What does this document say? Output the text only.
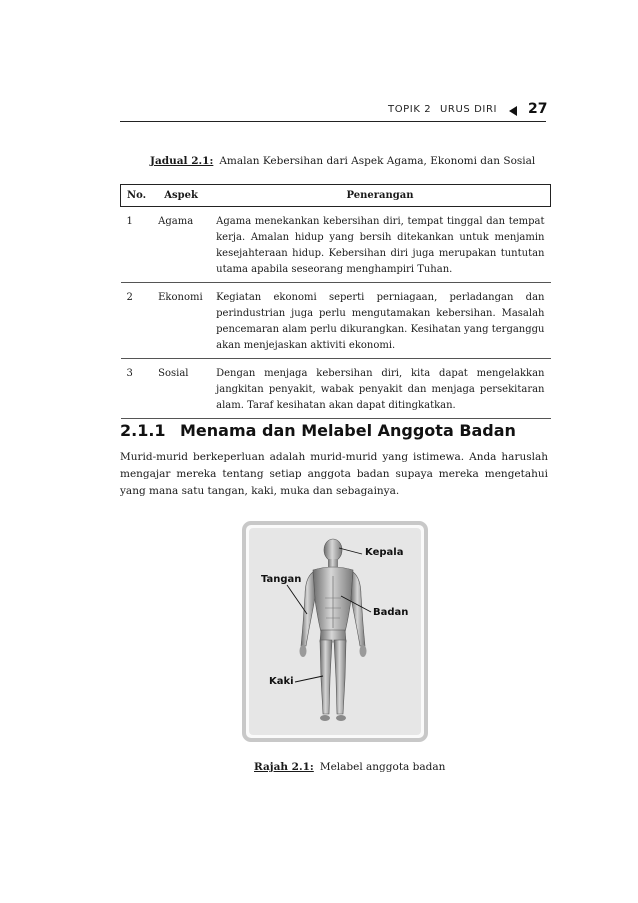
TOPIK 2 URUS DIRI 27
Jadual 2.1: Amalan Kebersihan dari Aspek Agama, Ekonomi dan Sosial
No.	Aspek	Penerangan
1	Agama	Agama menekankan kebersihan diri, tempat tinggal dan tempat kerja. Amalan hidup yang bersih ditekankan untuk menjamin kesejahteraan hidup. Kebersihan diri juga merupakan tuntutan utama apabila seseorang menghampiri Tuhan.
2	Ekonomi	Kegiatan ekonomi seperti perniagaan, perladangan dan perindustrian juga perlu mengutamakan kebersihan. Masalah pencemaran alam perlu dikurangkan. Kesihatan yang terganggu akan menjejaskan aktiviti ekonomi.
3	Sosial	Dengan menjaga kebersihan diri, kita dapat mengelakkan jangkitan penyakit, wabak penyakit dan menjaga persekitaran alam. Taraf kesihatan akan dapat ditingkatkan.
2.1.1 Menama dan Melabel Anggota Badan
Murid-murid berkeperluan adalah murid-murid yang istimewa. Anda haruslah mengajar mereka tentang setiap anggota badan supaya mereka mengetahui yang mana satu tangan, kaki, muka dan sebagainya.
Kepala
Tangan
Badan
Kaki
Rajah 2.1: Melabel anggota badan
